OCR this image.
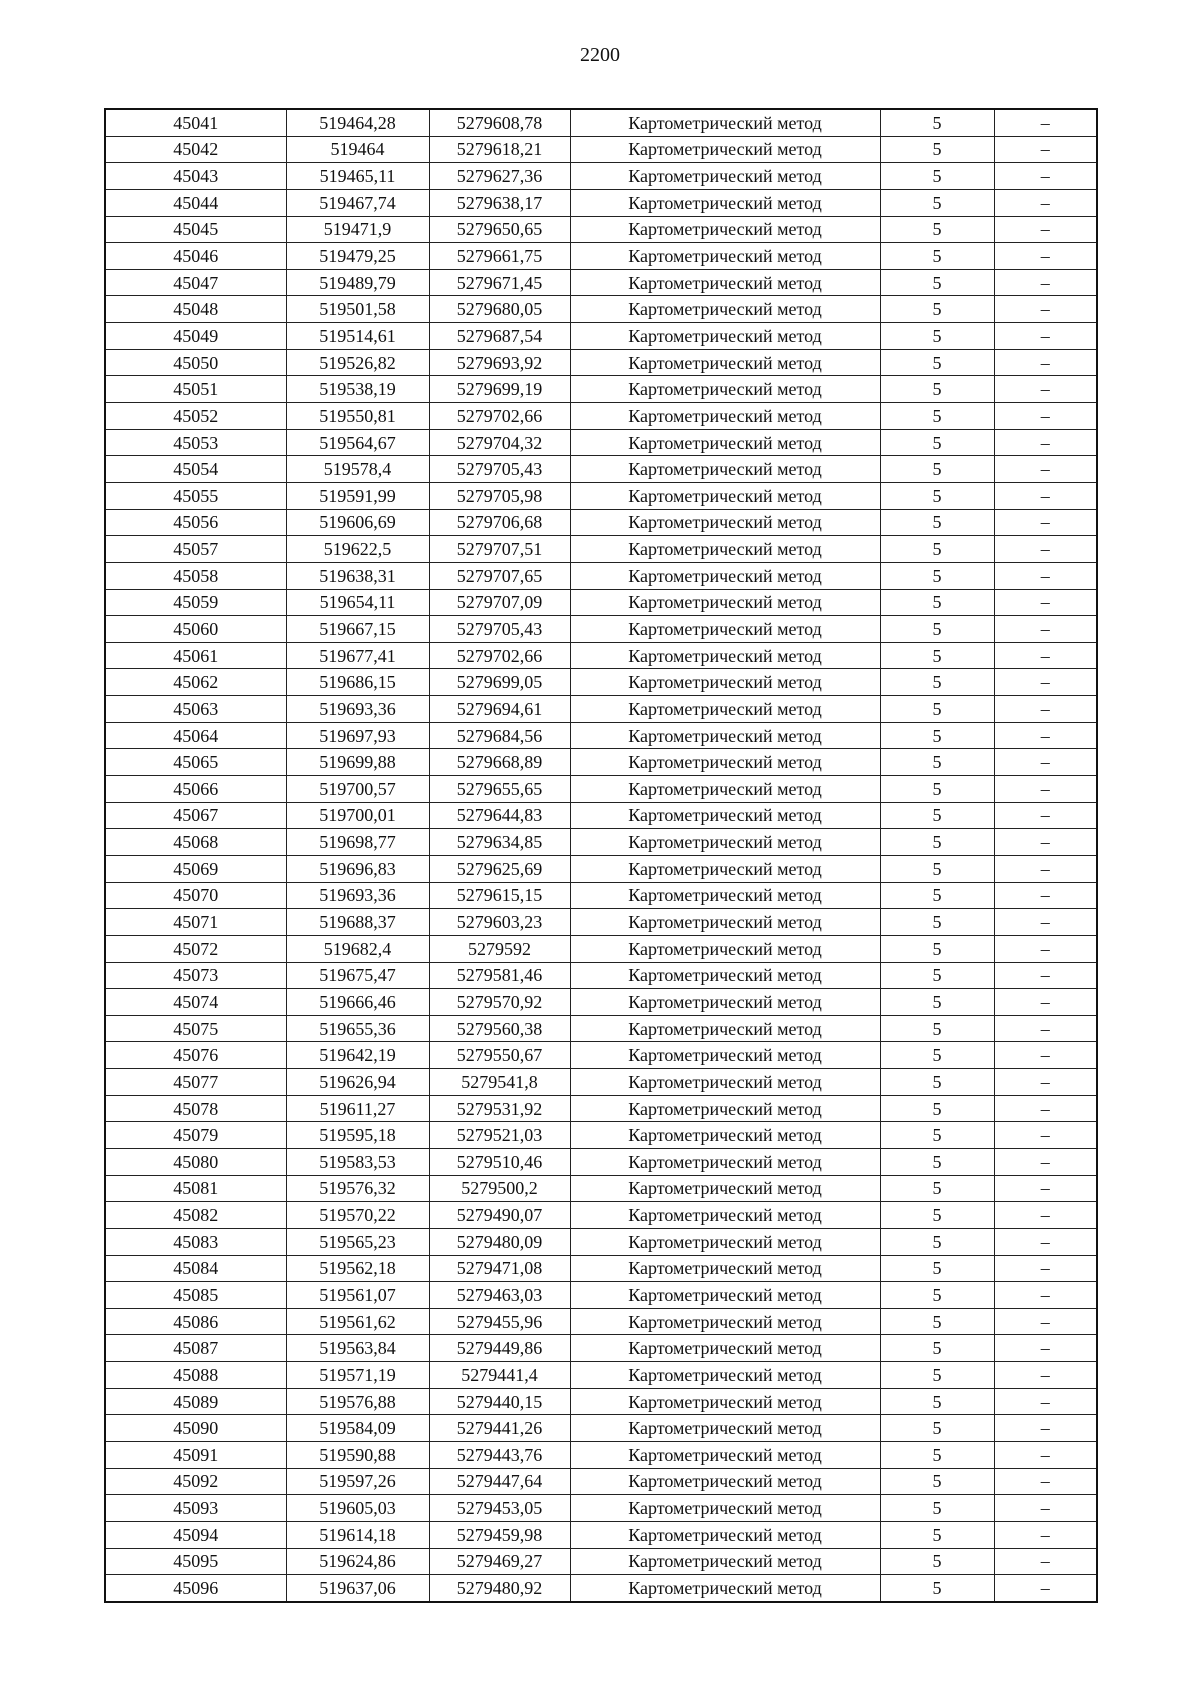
2200
45041	519464,28	5279608,78	Картометрический метод	5	–
45042	519464	5279618,21	Картометрический метод	5	–
45043	519465,11	5279627,36	Картометрический метод	5	–
45044	519467,74	5279638,17	Картометрический метод	5	–
45045	519471,9	5279650,65	Картометрический метод	5	–
45046	519479,25	5279661,75	Картометрический метод	5	–
45047	519489,79	5279671,45	Картометрический метод	5	–
45048	519501,58	5279680,05	Картометрический метод	5	–
45049	519514,61	5279687,54	Картометрический метод	5	–
45050	519526,82	5279693,92	Картометрический метод	5	–
45051	519538,19	5279699,19	Картометрический метод	5	–
45052	519550,81	5279702,66	Картометрический метод	5	–
45053	519564,67	5279704,32	Картометрический метод	5	–
45054	519578,4	5279705,43	Картометрический метод	5	–
45055	519591,99	5279705,98	Картометрический метод	5	–
45056	519606,69	5279706,68	Картометрический метод	5	–
45057	519622,5	5279707,51	Картометрический метод	5	–
45058	519638,31	5279707,65	Картометрический метод	5	–
45059	519654,11	5279707,09	Картометрический метод	5	–
45060	519667,15	5279705,43	Картометрический метод	5	–
45061	519677,41	5279702,66	Картометрический метод	5	–
45062	519686,15	5279699,05	Картометрический метод	5	–
45063	519693,36	5279694,61	Картометрический метод	5	–
45064	519697,93	5279684,56	Картометрический метод	5	–
45065	519699,88	5279668,89	Картометрический метод	5	–
45066	519700,57	5279655,65	Картометрический метод	5	–
45067	519700,01	5279644,83	Картометрический метод	5	–
45068	519698,77	5279634,85	Картометрический метод	5	–
45069	519696,83	5279625,69	Картометрический метод	5	–
45070	519693,36	5279615,15	Картометрический метод	5	–
45071	519688,37	5279603,23	Картометрический метод	5	–
45072	519682,4	5279592	Картометрический метод	5	–
45073	519675,47	5279581,46	Картометрический метод	5	–
45074	519666,46	5279570,92	Картометрический метод	5	–
45075	519655,36	5279560,38	Картометрический метод	5	–
45076	519642,19	5279550,67	Картометрический метод	5	–
45077	519626,94	5279541,8	Картометрический метод	5	–
45078	519611,27	5279531,92	Картометрический метод	5	–
45079	519595,18	5279521,03	Картометрический метод	5	–
45080	519583,53	5279510,46	Картометрический метод	5	–
45081	519576,32	5279500,2	Картометрический метод	5	–
45082	519570,22	5279490,07	Картометрический метод	5	–
45083	519565,23	5279480,09	Картометрический метод	5	–
45084	519562,18	5279471,08	Картометрический метод	5	–
45085	519561,07	5279463,03	Картометрический метод	5	–
45086	519561,62	5279455,96	Картометрический метод	5	–
45087	519563,84	5279449,86	Картометрический метод	5	–
45088	519571,19	5279441,4	Картометрический метод	5	–
45089	519576,88	5279440,15	Картометрический метод	5	–
45090	519584,09	5279441,26	Картометрический метод	5	–
45091	519590,88	5279443,76	Картометрический метод	5	–
45092	519597,26	5279447,64	Картометрический метод	5	–
45093	519605,03	5279453,05	Картометрический метод	5	–
45094	519614,18	5279459,98	Картометрический метод	5	–
45095	519624,86	5279469,27	Картометрический метод	5	–
45096	519637,06	5279480,92	Картометрический метод	5	–
